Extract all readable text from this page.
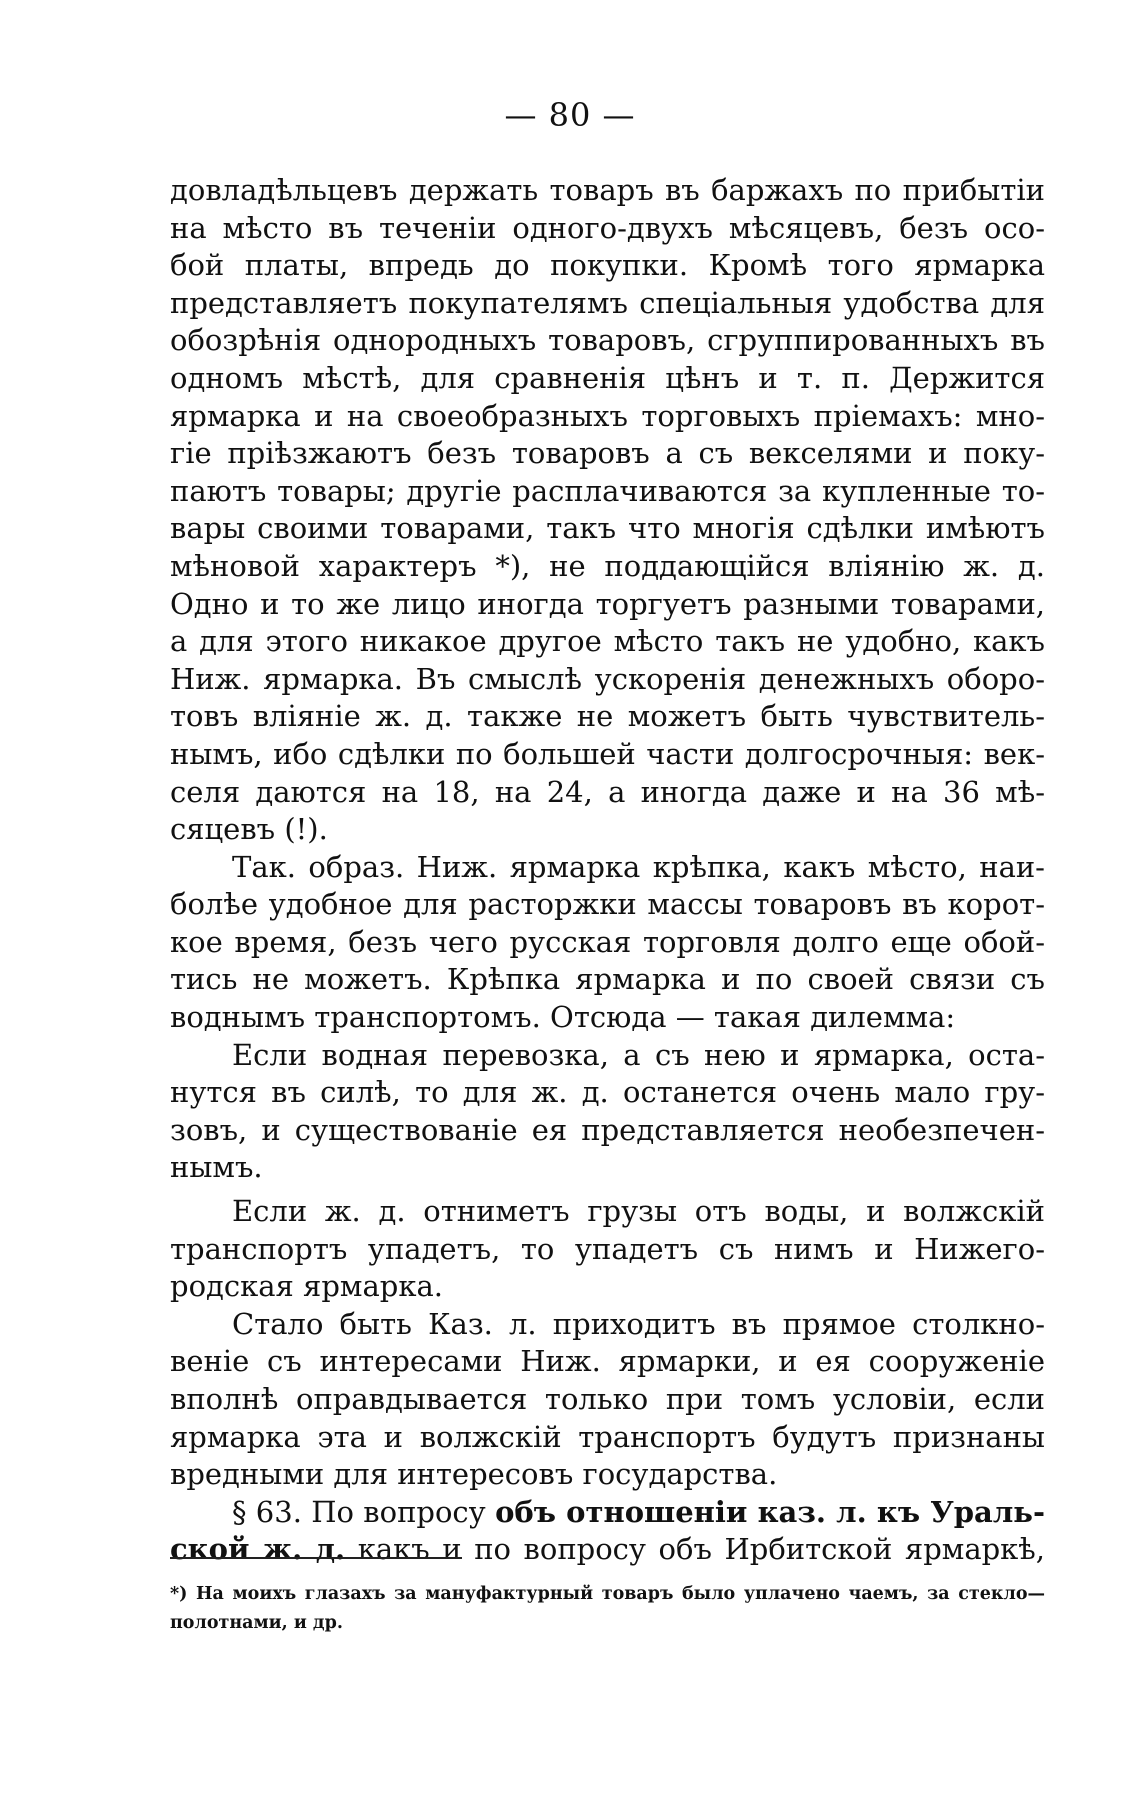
— 80 —
довладѣльцевъ держать товаръ въ баржахъ по прибытіи
на мѣсто въ теченіи одного-двухъ мѣсяцевъ, безъ осо-
бой платы, впредь до покупки. Кромѣ того ярмарка
представляетъ покупателямъ спеціальныя удобства для
обозрѣнія однородныхъ товаровъ, сгруппированныхъ въ
одномъ мѣстѣ, для сравненія цѣнъ и т. п. Держится
ярмарка и на своеобразныхъ торговыхъ пріемахъ: мно-
гіе пріѣзжаютъ безъ товаровъ а съ векселями и поку-
паютъ товары; другіе расплачиваются за купленные то-
вары своими товарами, такъ что многія сдѣлки имѣютъ
мѣновой характеръ *), не поддающійся вліянію ж. д.
Одно и то же лицо иногда торгуетъ разными товарами,
а для этого никакое другое мѣсто такъ не удобно, какъ
Ниж. ярмарка. Въ смыслѣ ускоренія денежныхъ оборо-
товъ вліяніе ж. д. также не можетъ быть чувствитель-
нымъ, ибо сдѣлки по большей части долгосрочныя: век-
селя даются на 18, на 24, а иногда даже и на 36 мѣ-
сяцевъ (!).
Так. образ. Ниж. ярмарка крѣпка, какъ мѣсто, наи-
болѣе удобное для расторжки массы товаровъ въ корот-
кое время, безъ чего русская торговля долго еще обой-
тись не можетъ. Крѣпка ярмарка и по своей связи съ
воднымъ транспортомъ. Отсюда — такая дилемма:
Если водная перевозка, а съ нею и ярмарка, оста-
нутся въ силѣ, то для ж. д. останется очень мало гру-
зовъ, и существованіе ея представляется необезпечен-
нымъ.
Если ж. д. отниметъ грузы отъ воды, и волжскій
транспортъ упадетъ, то упадетъ съ нимъ и Нижего-
родская ярмарка.
Стало быть Каз. л. приходитъ въ прямое столкно-
веніе съ интересами Ниж. ярмарки, и ея сооруженіе
вполнѣ оправдывается только при томъ условіи, если
ярмарка эта и волжскій транспортъ будутъ признаны
вредными для интересовъ государства.
§ 63. По вопросу объ отношеніи каз. л. къ Ураль-
ской ж. д. какъ и по вопросу объ Ирбитской ярмаркѣ,
*) На моихъ глазахъ за мануфактурный товаръ было уплачено чаемъ, за стекло—
полотнами, и др.
